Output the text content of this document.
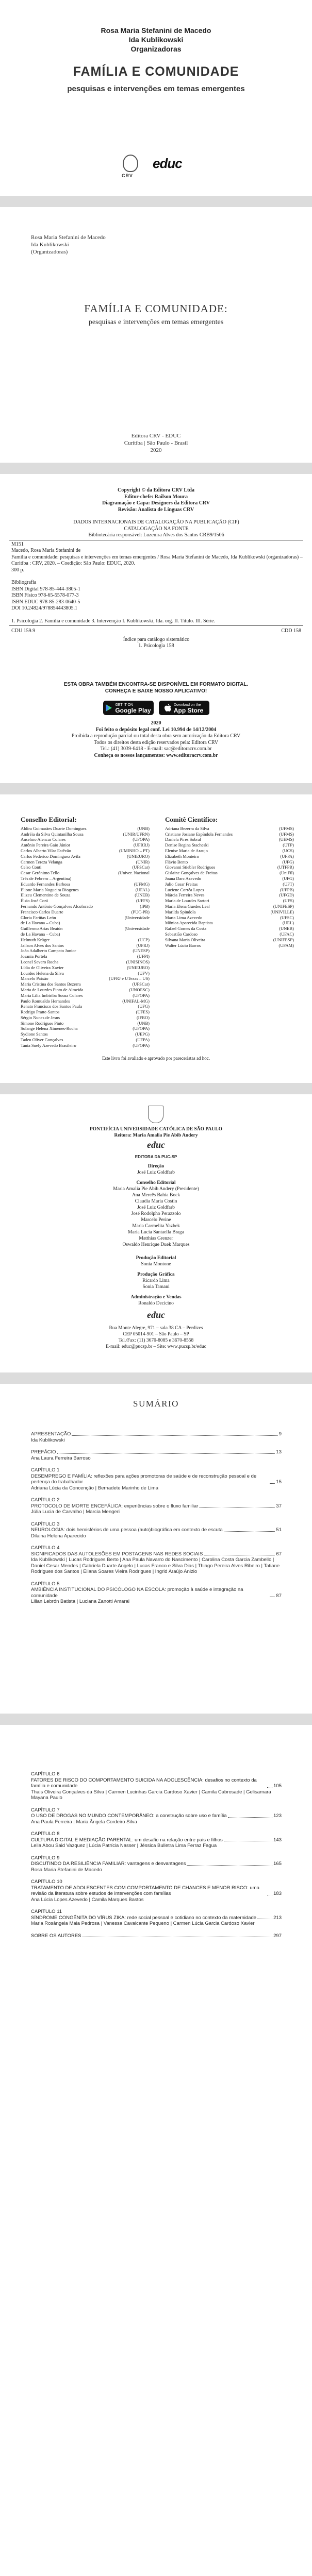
Rosa Maria Stefanini de Macedo
Ida Kublikowski
Organizadoras
FAMÍLIA E COMUNIDADE
pesquisas e intervenções em temas emergentes
CRV
educ
Rosa Maria Stefanini de Macedo
Ida Kublikowski
(Organizadoras)
FAMÍLIA E COMUNIDADE:
pesquisas e intervenções em temas emergentes
Editora CRV - EDUC
Curitiba | São Paulo - Brasil
2020
Copyright © da Editora CRV Ltda
Editor-chefe: Railson Moura
Diagramação e Capa: Designers da Editora CRV
Revisão: Analista de Línguas CRV
DADOS INTERNACIONAIS DE CATALOGAÇÃO NA PUBLICAÇÃO (CIP)
CATALOGAÇÃO NA FONTE
Bibliotecária responsável: Luzenira Alves dos Santos CRB9/1506

M151

Macedo, Rosa Maria Stefanini de

Família e comunidade: pesquisas e intervenções em temas emergentes / Rosa Maria Stefanini de Macedo, Ida Kublikowski (organizadoras) – Curitiba : CRV, 2020. – Coedição: São Paulo: EDUC, 2020.

300 p.

Bibliografia

ISBN Digital 978-85-444-3805-1

ISBN Físico 978-65-5578-077-3

ISBN EDUC 978-85-283-0640-5

DOI 10.24824/978854443805.1

1. Psicologia 2. Família e comunidade 3. Intervenção I. Kublikowski, Ida. org. II. Título. III. Série.

CDU 159.9	CDD 158
Índice para catálogo sistemático
1. Psicologia 158
ESTA OBRA TAMBÉM ENCONTRA-SE DISPONÍVEL EM FORMATO DIGITAL.
CONHEÇA E BAIXE NOSSO APLICATIVO!
GET IT ON
Google Play
Download on the
App Store
2020
Foi feito o depósito legal conf. Lei 10.994 de 14/12/2004
Proibida a reprodução parcial ou total desta obra sem autorização da Editora CRV
Todos os direitos desta edição reservados pela: Editora CRV
Tel.: (41) 3039-6418 - E-mail: sac@editoracrv.com.br
Conheça os nossos lançamentos: www.editoracrv.com.br
Conselho Editorial:
Aldira Guimarães Duarte Domínguez	(UNB)
Andréia da Silva Quintanilha Sousa	(UNIR/UFRN)
Anselmo Alencar Colares	(UFOPA)
Antônio Pereira Gaio Júnior	(UFRRJ)
Carlos Alberto Vilar Estêvão	(UMINHO – PT)
Carlos Federico Domínguez Avila	(UNIEURO)
Carmen Tereza Velanga	(UNIR)
Celso Conti	(UFSCar)
Cesar Gerónimo Tello	(Univer. Nacional
Três de Febrero – Argentina)
Eduardo Fernandes Barbosa	(UFMG)
Elione Maria Nogueira Diogenes	(UFAL)
Elizeu Clementino de Souza	(UNEB)
Élsio José Corá	(UFFS)
Fernando Antônio Gonçalves Alcoforado	(IPB)
Francisco Carlos Duarte	(PUC-PR)
Gloria Fariñas León	(Universidade
de La Havana – Cuba)
Guillermo Arias Beatón	(Universidade
de La Havana – Cuba)
Helmuth Krüger	(UCP)
Jailson Alves dos Santos	(UFRJ)
João Adalberto Campato Junior	(UNESP)
Josania Portela	(UFPI)
Leonel Severo Rocha	(UNISINOS)
Lídia de Oliveira Xavier	(UNIEURO)
Lourdes Helena da Silva	(UFV)
Marcelo Paixão	(UFRJ e UTexas – US)
Maria Cristina dos Santos Bezerra	(UFSCar)
Maria de Lourdes Pinto de Almeida	(UNOESC)
Maria Lília Imbiriba Sousa Colares	(UFOPA)
Paulo Romualdo Hernandes	(UNIFAL-MG)
Renato Francisco dos Santos Paula	(UFG)
Rodrigo Pratte-Santos	(UFES)
Sérgio Nunes de Jesus	(IFRO)
Simone Rodrigues Pinto	(UNB)
Solange Helena Ximenes-Rocha	(UFOPA)
Sydione Santos	(UEPG)
Tadeu Oliver Gonçalves	(UFPA)
Tania Suely Azevedo Brasileiro	(UFOPA)
Comitê Científico:
Adriana Bezerra da Silva	(UFMS)
Cristiane Josiane Espíndola Fernandes	(UFMS)
Daniela Pires Sobral	(UEMS)
Denise Regina Stacheski	(UTP)
Elenise Maria de Araujo	(UCS)
Elizabeth Monteiro	(UFPA)
Flávio Bento	(UFG)
Giovanni Stiebler Rodrigues	(UTFPR)
Gislaine Gonçalves de Freitas	(UniFil)
Joana Darc Azevedo	(UFG)
Julio Cesar Freitas	(UFT)
Luciene Corrêa Lopes	(UFPB)
Márcia Ferreira Neves	(UFGD)
Maria de Lourdes Sartori	(UFS)
Maria Elena Guedes Leal	(UNIFESP)
Marilda Spindola	(UNIVILLE)
Marta Lima Azevedo	(UFSC)
Mônica Aparecida Baptista	(UEL)
Rafael Gomes da Costa	(UNEB)
Sebastião Cardoso	(UFAC)
Silvana Maria Oliveira	(UNIFESP)
Walter Lúcio Barros	(UFAM)
Este livro foi avaliado e aprovado por pareceristas ad hoc.
PONTIFÍCIA UNIVERSIDADE CATÓLICA DE SÃO PAULO
Reitora: Maria Amalia Pie Abib Andery
educ
EDITORA DA PUC-SP
Direção
José Luiz Goldfarb
Conselho Editorial
Maria Amalia Pie Abib Andery (Presidente)
Ana Mercês Bahia Bock
Claudia Maria Costin
José Luiz Goldfarb
José Rodolpho Perazzolo
Marcelo Perine
Maria Carmelita Yazbek
Maria Lucia Santaella Braga
Matthias Grenzer
Oswaldo Henrique Duek Marques
Produção Editorial
Sonia Montone
Produção Gráfica
Ricardo Lima
Sonia Tamani
Administração e Vendas
Ronaldo Decicino
educ
Rua Monte Alegre, 971 – sala 38 CA – Perdizes
CEP 05014-901 – São Paulo – SP
Tel./Fax: (11) 3670-8085 e 3670-8558
E-mail: educ@pucsp.br – Site: www.pucsp.br/educ
SUMÁRIO
APRESENTAÇÃO	9
Ida Kublikowski
PREFÁCIO	13
Ana Laura Ferreira Barroso
CAPÍTULO 1
DESEMPREGO E FAMÍLIA: reflexões para ações promotoras de saúde e de reconstrução pessoal e de pertença do trabalhador	15
Adriana Lúcia da Concenção | Bernadete Marinho de Lima
CAPÍTULO 2
PROTOCOLO DE MORTE ENCEFÁLICA: experiências sobre o fluxo familiar	37
Júlia Lucia de Carvalho | Marcia Mengeri
CAPÍTULO 3
NEUROLOGIA: dois hemisférios de uma pessoa (auto)biográfica em contexto de escuta	51
Dilaina Helena Aparecido
CAPÍTULO 4
SIGNIFICADOS DAS AUTOLESÕES EM POSTAGENS NAS REDES SOCIAIS	67
Ida Kublikowski | Lucas Rodrigues Berto | Ana Paula Navarro do Nascimento | Carolina Costa Garcia Zambello | Daniel Cesar Mendes | Gabriela Duarte Angelo | Lucas Franco e Silva Dias | Thiago Pereira Alves Ribeiro | Tatiane Rodrigues dos Santos | Eliana Soares Vieira Rodrigues | Ingrid Araújo Anizio
CAPÍTULO 5
AMBIÊNCIA INSTITUCIONAL DO PSICÓLOGO NA ESCOLA: promoção à saúde e integração na comunidade	87
Lilian Lebrón Batista | Luciana Zanotti Amaral
CAPÍTULO 6
FATORES DE RISCO DO COMPORTAMENTO SUICIDA NA ADOLESCÊNCIA: desafios no contexto da família e comunidade	105
Thais Oliveira Gonçalves da Silva | Carmen Lucinhas Garcia Cardoso Xavier | Camila Cabrosade | Gelisamara Mayana Paulo
CAPÍTULO 7
O USO DE DROGAS NO MUNDO CONTEMPORÂNEO: a construção sobre uso e família	123
Ana Paula Ferreira | Maria Ângela Cordeiro Silva
CAPÍTULO 8
CULTURA DIGITAL E MEDIAÇÃO PARENTAL: um desafio na relação entre pais e filhos	143
Leila Abou Said Vazquez | Lúcia Patrícia Nasser | Jéssica Bulletra Lima Ferraz Fagua
CAPÍTULO 9
DISCUTINDO DA RESILIÊNCIA FAMILIAR: vantagens e desvantagens	165
Rosa Maria Stefanini de Macedo
CAPÍTULO 10
TRATAMENTO DE ADOLESCENTES COM COMPORTAMENTO DE CHANCES E MENOR RISCO: uma revisão da literatura sobre estudos de intervenções com famílias	183
Ana Lúcia Lopes Azevedo | Camila Marques Bastos
CAPÍTULO 11
SÍNDROME CONGÊNITA DO VÍRUS ZIKA: rede social pessoal e cotidiano no contexto da maternidade	213
Maria Rosângela Maia Pedrosa | Vanessa Cavalcante Pequeno | Carmen Lúcia Garcia Cardoso Xavier
SOBRE OS AUTORES	297
